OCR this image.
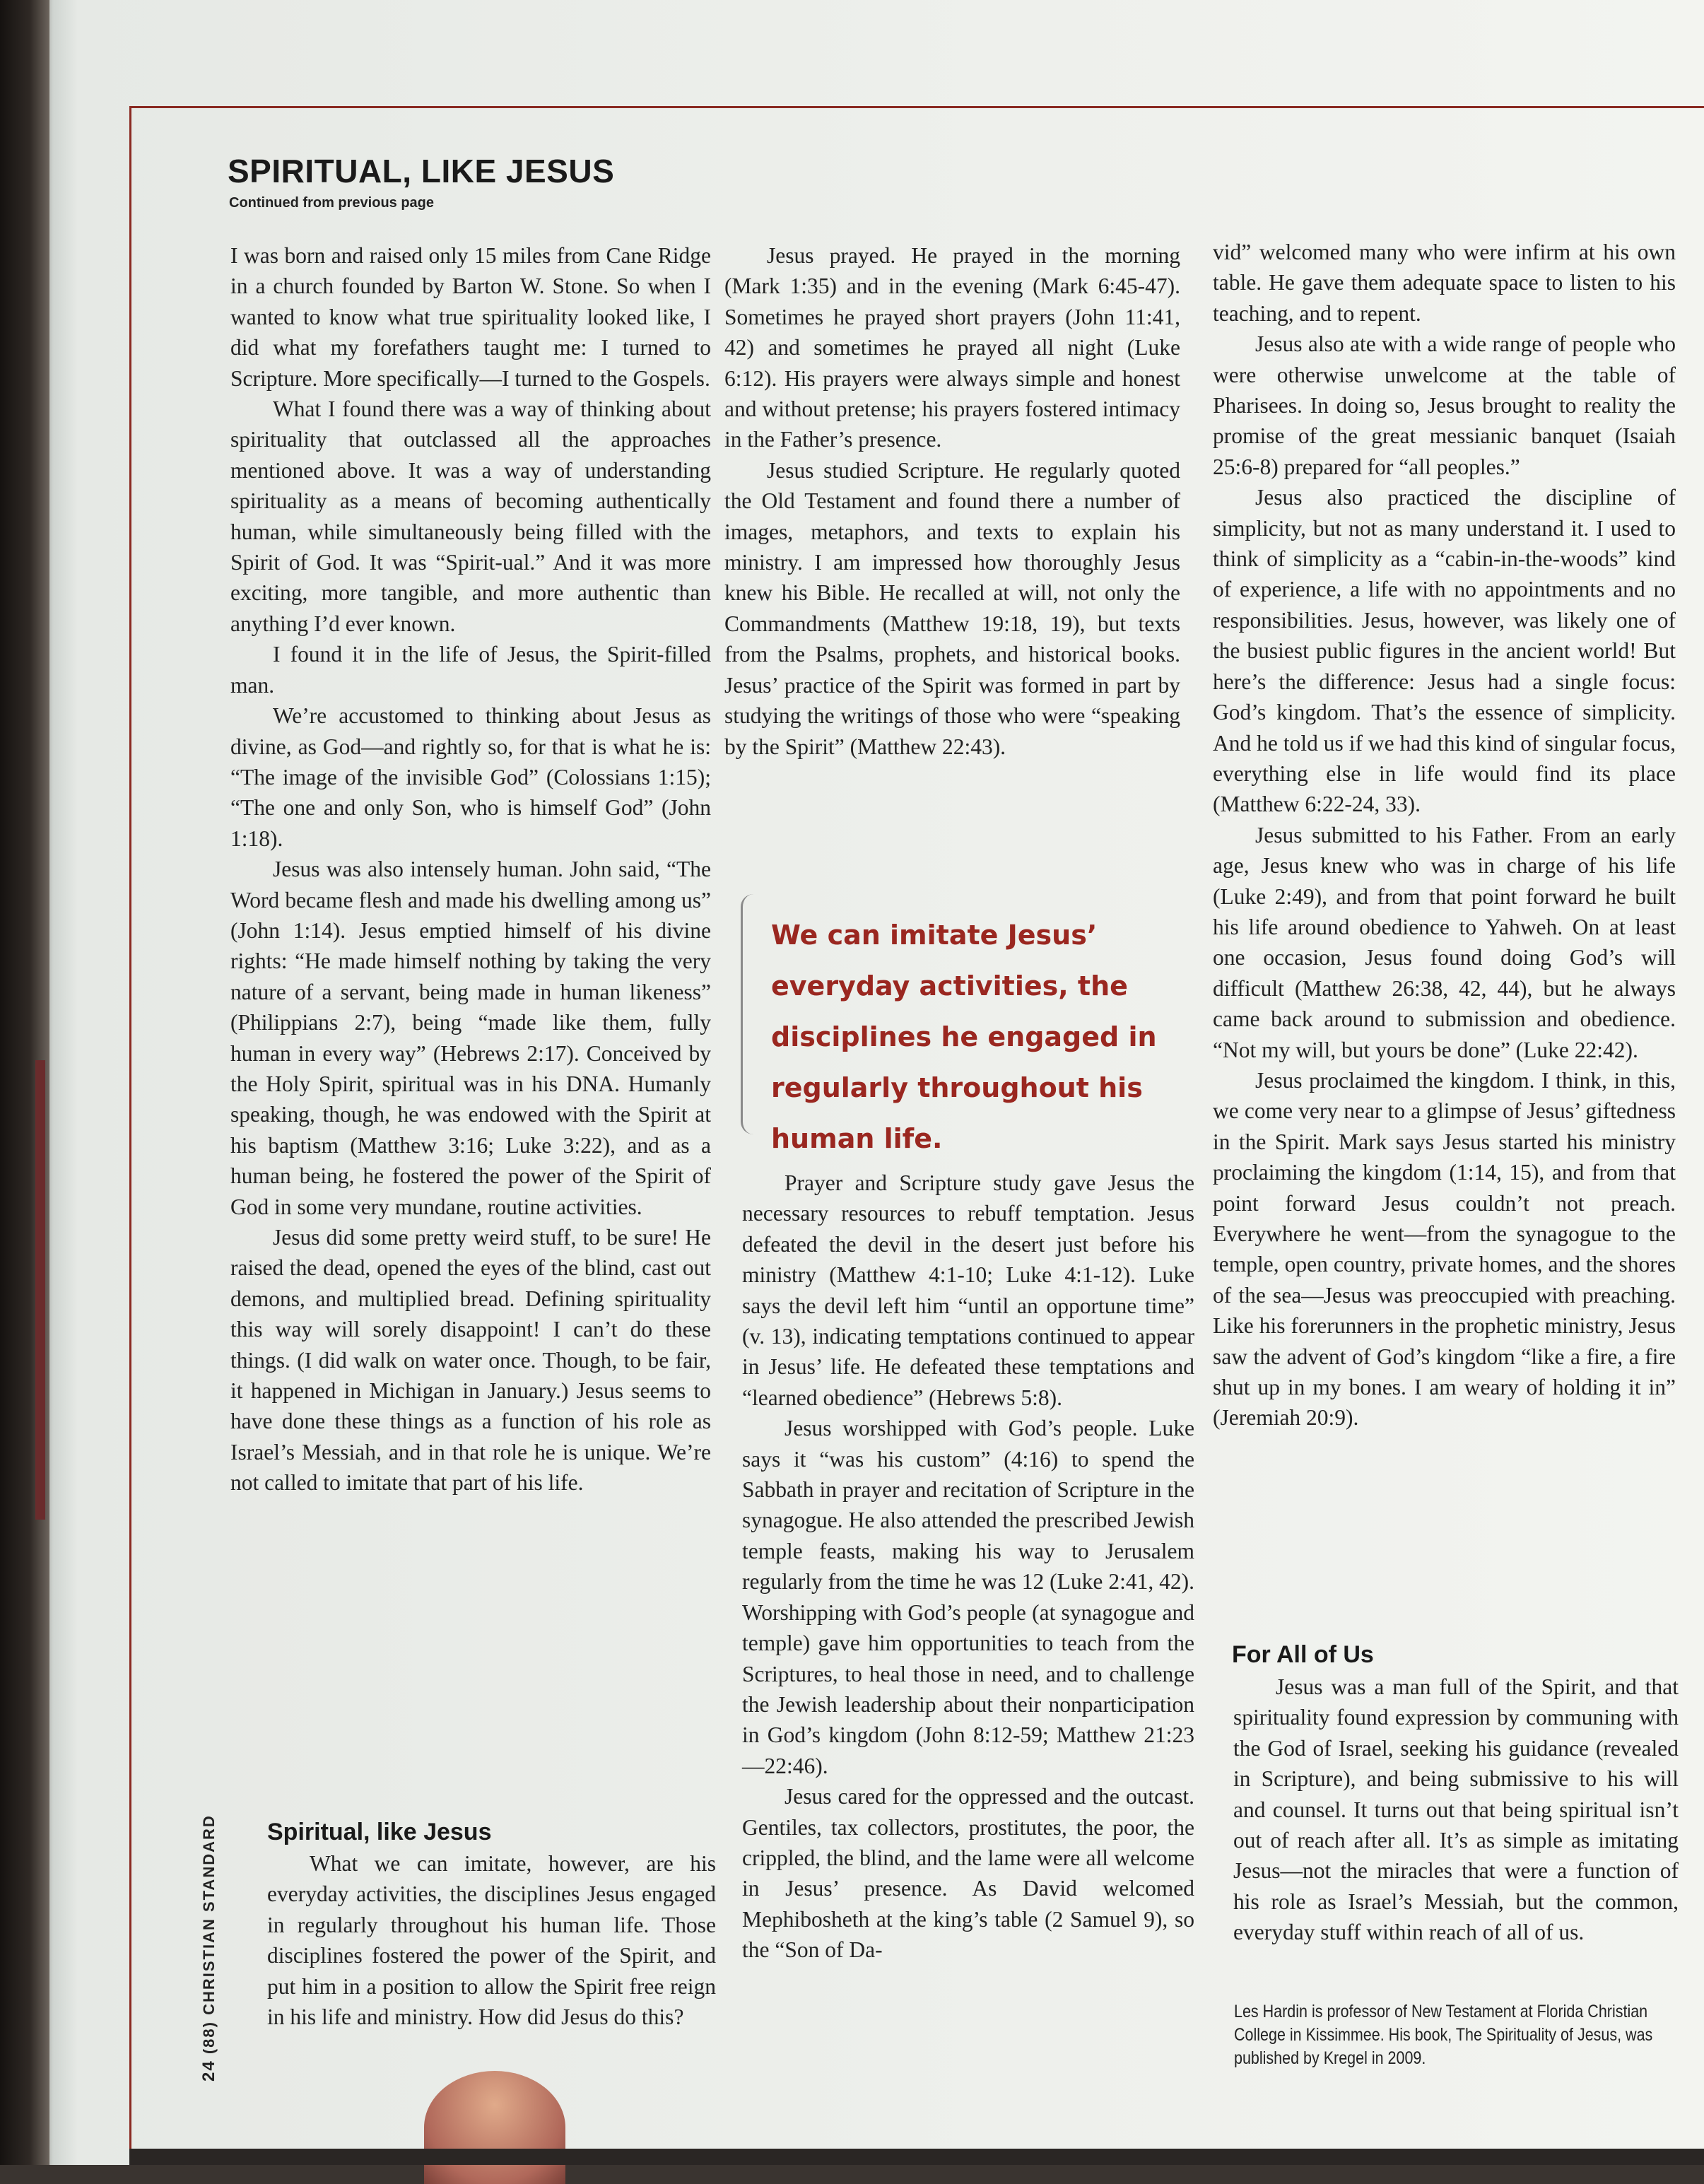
SPIRITUAL, LIKE JESUS
Continued from previous page

I was born and raised only 15 miles from Cane Ridge in a church founded by Barton W. Stone. So when I wanted to know what true spirituality looked like, I did what my forefathers taught me: I turned to Scripture. More specifically—I turned to the Gospels.

What I found there was a way of thinking about spirituality that outclassed all the approaches mentioned above. It was a way of understanding spirituality as a means of becoming authentically human, while simultaneously being filled with the Spirit of God. It was “Spirit-ual.” And it was more exciting, more tangible, and more authentic than anything I’d ever known.

I found it in the life of Jesus, the Spirit-filled man.

We’re accustomed to thinking about Jesus as divine, as God—and rightly so, for that is what he is: “The image of the invisible God” (Colossians 1:15); “The one and only Son, who is himself God” (John 1:18).

Jesus was also intensely human. John said, “The Word became flesh and made his dwelling among us” (John 1:14). Jesus emptied himself of his divine rights: “He made himself nothing by taking the very nature of a servant, being made in human likeness” (Philippians 2:7), being “made like them, fully human in every way” (Hebrews 2:17). Conceived by the Holy Spirit, spiritual was in his DNA. Humanly speaking, though, he was endowed with the Spirit at his baptism (Matthew 3:16; Luke 3:22), and as a human being, he fostered the power of the Spirit of God in some very mundane, routine activities.

Jesus did some pretty weird stuff, to be sure! He raised the dead, opened the eyes of the blind, cast out demons, and multiplied bread. Defining spirituality this way will sorely disappoint! I can’t do these things. (I did walk on water once. Though, to be fair, it happened in Michigan in January.) Jesus seems to have done these things as a function of his role as Israel’s Messiah, and in that role he is unique. We’re not called to imitate that part of his life.

Spiritual, like Jesus

What we can imitate, however, are his everyday activities, the disciplines Jesus engaged in regularly throughout his human life. Those disciplines fostered the power of the Spirit, and put him in a position to allow the Spirit free reign in his life and ministry. How did Jesus do this?

Jesus prayed. He prayed in the morning (Mark 1:35) and in the evening (Mark 6:45-47). Sometimes he prayed short prayers (John 11:41, 42) and sometimes he prayed all night (Luke 6:12). His prayers were always simple and honest and without pretense; his prayers fostered intimacy in the Father’s presence.

Jesus studied Scripture. He regularly quoted the Old Testament and found there a number of images, metaphors, and texts to explain his ministry. I am impressed how thoroughly Jesus knew his Bible. He recalled at will, not only the Commandments (Matthew 19:18, 19), but texts from the Psalms, prophets, and historical books. Jesus’ practice of the Spirit was formed in part by studying the writings of those who were “speaking by the Spirit” (Matthew 22:43).

We can imitate Jesus’ everyday activities, the disciplines he engaged in regularly throughout his human life.

Prayer and Scripture study gave Jesus the necessary resources to rebuff temptation. Jesus defeated the devil in the desert just before his ministry (Matthew 4:1-10; Luke 4:1-12). Luke says the devil left him “until an opportune time” (v. 13), indicating temptations continued to appear in Jesus’ life. He defeated these temptations and “learned obedience” (Hebrews 5:8).

Jesus worshipped with God’s people. Luke says it “was his custom” (4:16) to spend the Sabbath in prayer and recitation of Scripture in the synagogue. He also attended the prescribed Jewish temple feasts, making his way to Jerusalem regularly from the time he was 12 (Luke 2:41, 42). Worshipping with God’s people (at synagogue and temple) gave him opportunities to teach from the Scriptures, to heal those in need, and to challenge the Jewish leadership about their nonparticipation in God’s kingdom (John 8:12-59; Matthew 21:23—22:46).

Jesus cared for the oppressed and the outcast. Gentiles, tax collectors, prostitutes, the poor, the crippled, the blind, and the lame were all welcome in Jesus’ presence. As David welcomed Mephibosheth at the king’s table (2 Samuel 9), so the “Son of Da-

vid” welcomed many who were infirm at his own table. He gave them adequate space to listen to his teaching, and to repent.

Jesus also ate with a wide range of people who were otherwise unwelcome at the table of Pharisees. In doing so, Jesus brought to reality the promise of the great messianic banquet (Isaiah 25:6-8) prepared for “all peoples.”

Jesus also practiced the discipline of simplicity, but not as many understand it. I used to think of simplicity as a “cabin-in-the-woods” kind of experience, a life with no appointments and no responsibilities. Jesus, however, was likely one of the busiest public figures in the ancient world! But here’s the difference: Jesus had a single focus: God’s kingdom. That’s the essence of simplicity. And he told us if we had this kind of singular focus, everything else in life would find its place (Matthew 6:22-24, 33).

Jesus submitted to his Father. From an early age, Jesus knew who was in charge of his life (Luke 2:49), and from that point forward he built his life around obedience to Yahweh. On at least one occasion, Jesus found doing God’s will difficult (Matthew 26:38, 42, 44), but he always came back around to submission and obedience. “Not my will, but yours be done” (Luke 22:42).

Jesus proclaimed the kingdom. I think, in this, we come very near to a glimpse of Jesus’ giftedness in the Spirit. Mark says Jesus started his ministry proclaiming the kingdom (1:14, 15), and from that point forward Jesus couldn’t not preach. Everywhere he went—from the synagogue to the temple, open country, private homes, and the shores of the sea—Jesus was preoccupied with preaching. Like his forerunners in the prophetic ministry, Jesus saw the advent of God’s kingdom “like a fire, a fire shut up in my bones. I am weary of holding it in” (Jeremiah 20:9).

For All of Us

Jesus was a man full of the Spirit, and that spirituality found expression by communing with the God of Israel, seeking his guidance (revealed in Scripture), and being submissive to his will and counsel. It turns out that being spiritual isn’t out of reach after all. It’s as simple as imitating Jesus—not the miracles that were a function of his role as Israel’s Messiah, but the common, everyday stuff within reach of all of us.

Les Hardin is professor of New Testament at Florida Christian College in Kissimmee. His book, The Spirituality of Jesus, was published by Kregel in 2009.

24 (88) CHRISTIAN STANDARD
